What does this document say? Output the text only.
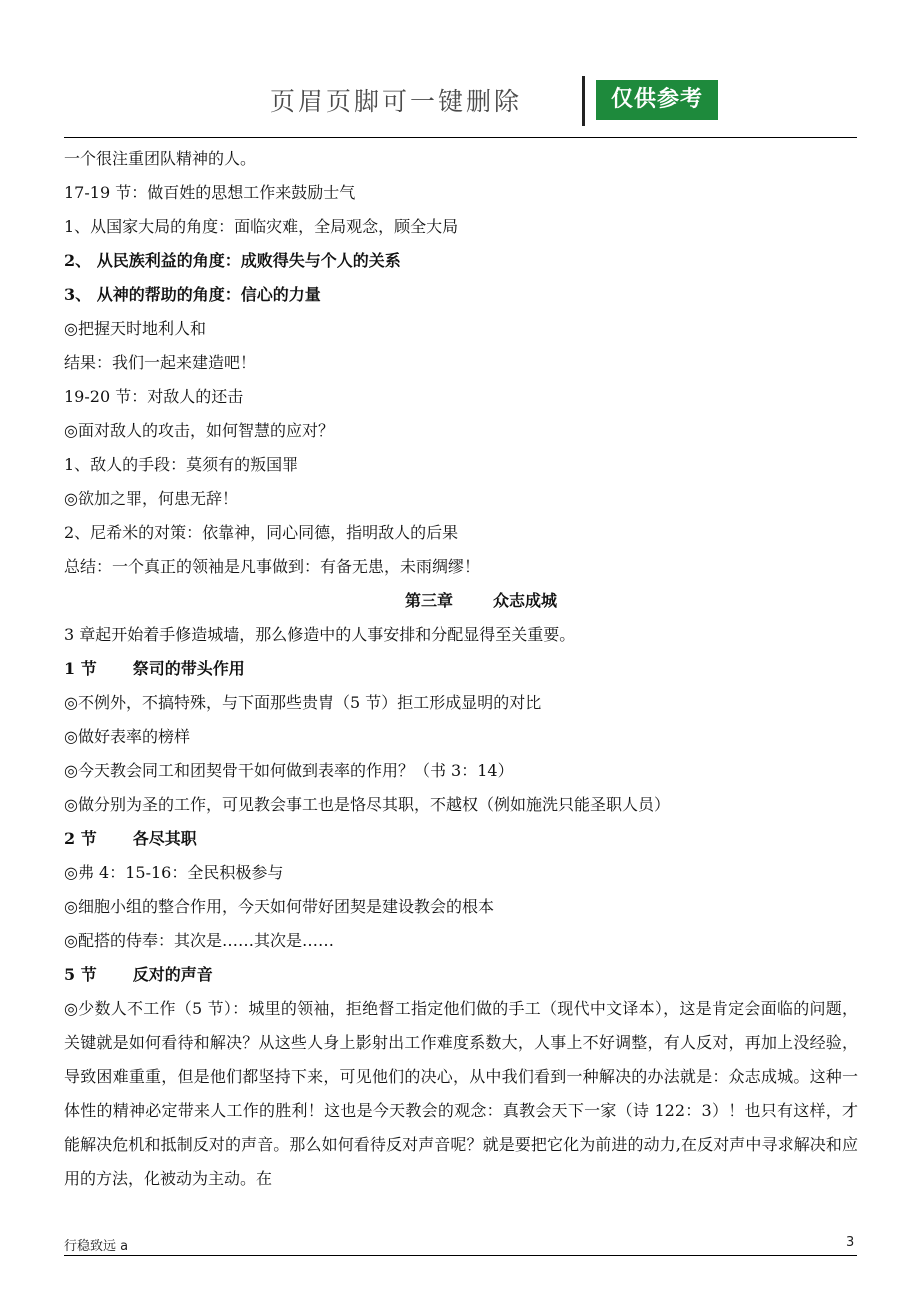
页眉页脚可一键删除	仅供参考
一个很注重团队精神的人。
17-19 节：做百姓的思想工作来鼓励士气
1、从国家大局的角度：面临灾难，全局观念，顾全大局
2、 从民族利益的角度：成败得失与个人的关系
3、 从神的帮助的角度：信心的力量
◎把握天时地利人和
结果：我们一起来建造吧！
19-20 节：对敌人的还击
◎面对敌人的攻击，如何智慧的应对？
1、敌人的手段：莫须有的叛国罪
◎欲加之罪，何患无辞！
2、尼希米的对策：依靠神，同心同德，指明敌人的后果
总结：一个真正的领袖是凡事做到：有备无患，未雨绸缪！
第三章	众志成城
3 章起开始着手修造城墙，那么修造中的人事安排和分配显得至关重要。
1 节 祭司的带头作用
◎不例外，不搞特殊，与下面那些贵胄（5 节）拒工形成显明的对比
◎做好表率的榜样
◎今天教会同工和团契骨干如何做到表率的作用？（书 3：14）
◎做分别为圣的工作，可见教会事工也是恪尽其职，不越权（例如施洗只能圣职人员）
2 节 各尽其职
◎弗 4：15-16：全民积极参与
◎细胞小组的整合作用，今天如何带好团契是建设教会的根本
◎配搭的侍奉：其次是……其次是……
5 节 反对的声音
◎少数人不工作（5 节）：城里的领袖，拒绝督工指定他们做的手工（现代中文译本），这是肯定会面临的问题，关键就是如何看待和解决？从这些人身上影射出工作难度系数大，人事上不好调整，有人反对，再加上没经验，导致困难重重，但是他们都坚持下来，可见他们的决心，从中我们看到一种解决的办法就是：众志成城。这种一体性的精神必定带来人工作的胜利！这也是今天教会的观念：真教会天下一家（诗 122：3）！也只有这样，才能解决危机和抵制反对的声音。那么如何看待反对声音呢？就是要把它化为前进的动力,在反对声中寻求解决和应用的方法，化被动为主动。在
行稳致远 a	3
